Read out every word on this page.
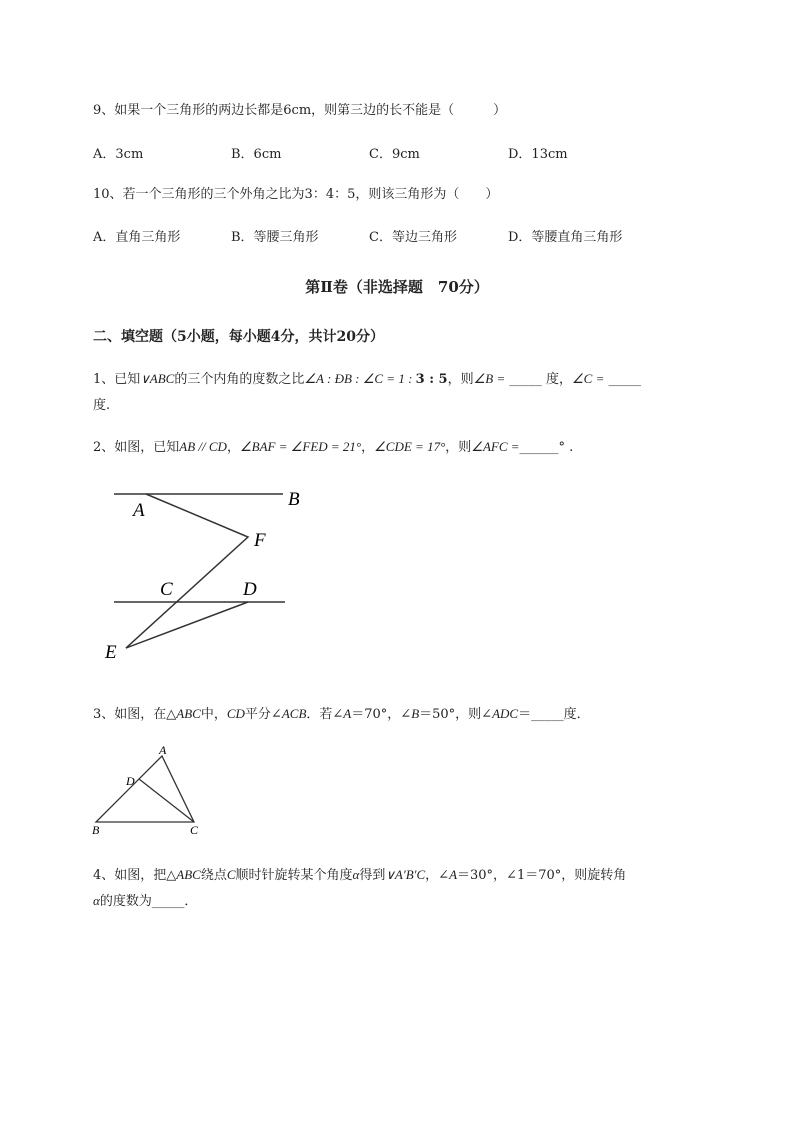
9、如果一个三角形的两边长都是6cm，则第三边的长不能是（　　　）
A．3cm	B．6cm	C．9cm	D．13cm
10、若一个三角形的三个外角之比为3：4：5，则该三角形为（　　）
A．直角三角形	B．等腰三角形	C．等边三角形	D．等腰直角三角形
第Ⅱ卷（非选择题　70分）
二、填空题（5小题，每小题4分，共计20分）
1、已知∨ABC的三个内角的度数之比∠A : ÐB : ∠C = 1 : 3 : 5，则∠B = _____ 度，∠C = _____
度.
2、如图，已知AB // CD，∠BAF = ∠FED = 21°，∠CDE = 17°，则∠AFC =______° .
A
B
C	D
E
F
3、如图，在△ABC中，CD平分∠ACB．若∠A＝70°，∠B＝50°，则∠ADC＝_____度．
A
B	C
D
4、如图，把△ABC绕点C顺时针旋转某个角度α得到∨A′B′C，∠A＝30°，∠1＝70°，则旋转角
α的度数为_____．
